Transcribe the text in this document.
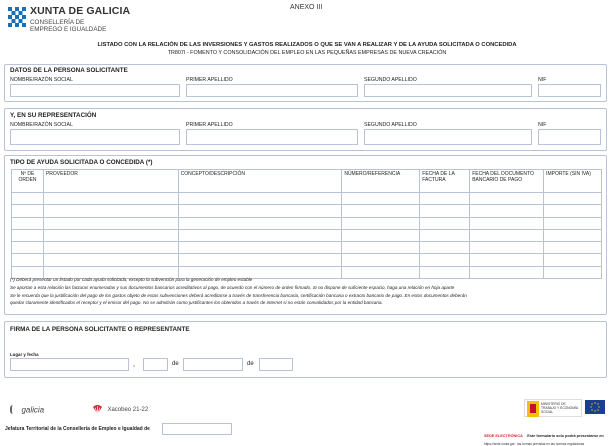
XUNTA DE GALICIA
CONSELLERÍA DE
EMPREGO E IGUALDADE
ANEXO III
LISTADO CON LA RELACIÓN DE LAS INVERSIONES Y GASTOS REALIZADOS O QUE SE VAN A REALIZAR Y DE LA AYUDA SOLICITADA O CONCEDIDA
TR807I - FOMENTO Y CONSOLIDACIÓN DEL EMPLEO EN LAS PEQUEÑAS EMPRESAS DE NUEVA CREACIÓN
DATOS DE LA PERSONA SOLICITANTE
NOMBRE/RAZÓN SOCIAL	PRIMER APELLIDO	SEGUNDO APELLIDO	NIF
Y, EN SU REPRESENTACIÓN
NOMBRE/RAZÓN SOCIAL	PRIMER APELLIDO	SEGUNDO APELLIDO	NIF
TIPO DE AYUDA SOLICITADA O CONCEDIDA (*)
Nº DE ORDEN	PROVEEDOR	CONCEPTO/DESCRIPCIÓN	NÚMERO/REFERENCIA	FECHA DE LA FACTURA	FECHA DEL DOCUMENTO BANCARIO DE PAGO	IMPORTE (SIN IVA)

(*) Deberá presentar un listado por cada ayuda solicitada, excepto la subvención para la generación de empleo estable
Se aportan a esta relación las facturas enumeradas y sus documentos bancarios acreditativos al pago, de acuerdo con el número de orden firmado. Si no dispone de suficiente espacio, haga una relación en hoja aparte
Se le recuerda que la justificación del pago de los gastos objeto de estas subvenciones deberá acreditarse a través de transferencia bancaria, certificación bancaria o extracto bancario de pago. En estos documentos deberán
quedar claramente identificados el receptor y el emisor del pago. No se admitirán como justificantes los obtenidos a través de internet si no están convalidados por la entidad bancaria.
FIRMA DE LA PERSONA SOLICITANTE O REPRESENTANTE
Lugar y fecha
,	de	de
galicia	Xacobeo 21-22
MINISTERIO DE TRABAJO Y ECONOMÍA SOCIAL
Jefatura Territorial de la Consellería de Empleo e Igualdad de
SEDE ELECTRÓNICA Este formulario solo podrá presentarse en
https://sede.xunta.gal · las formas previstas en las normas reguladoras
